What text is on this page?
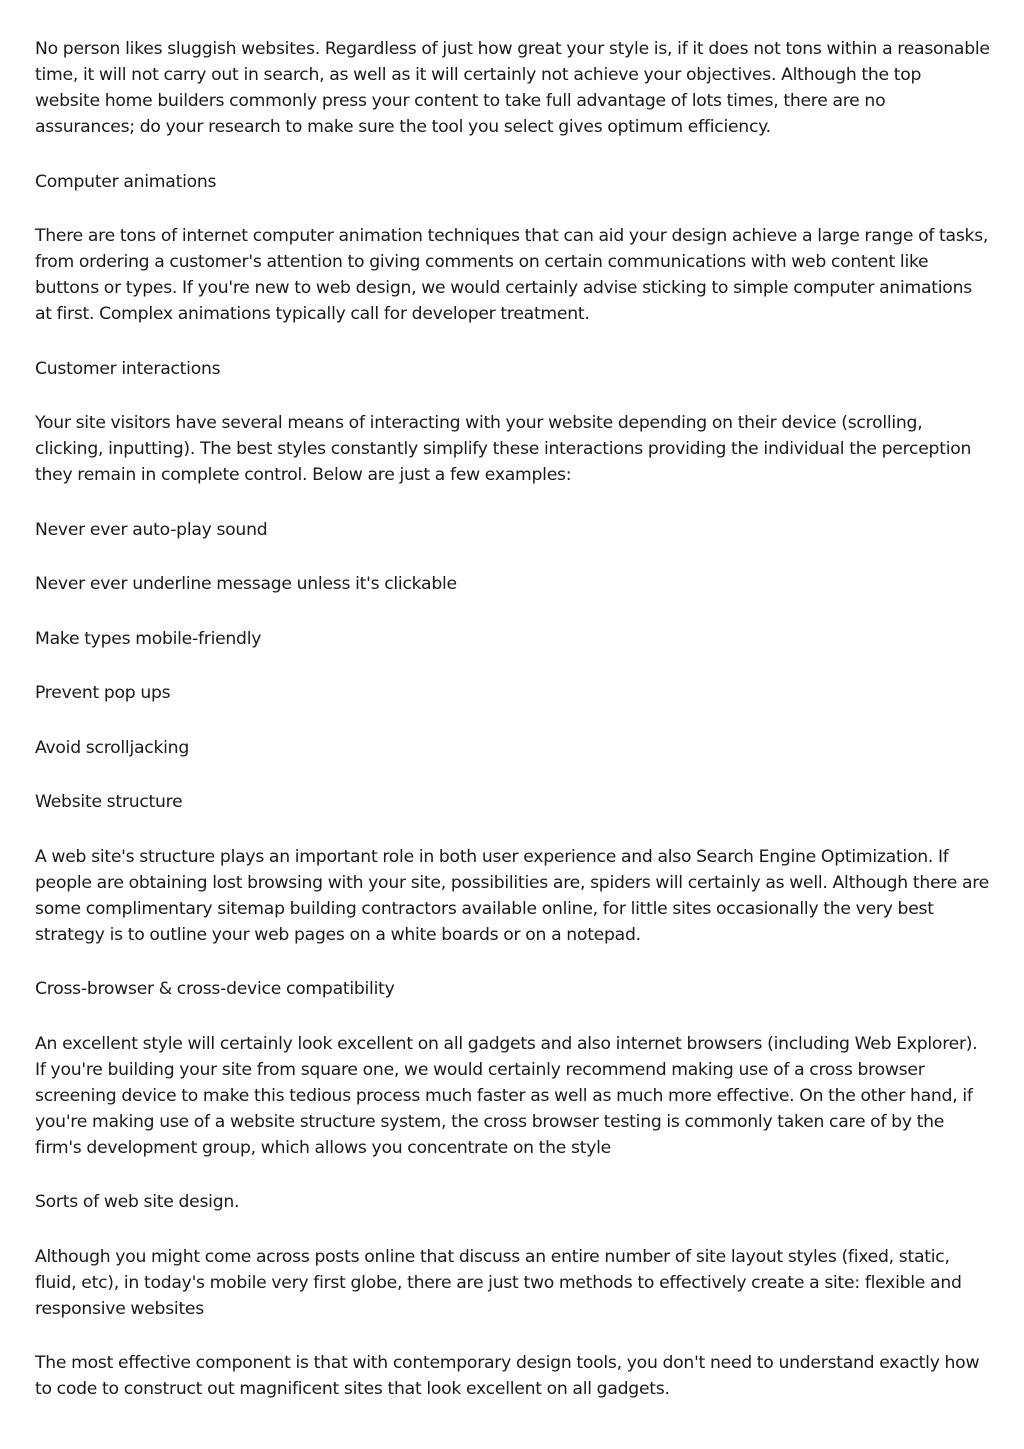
No person likes sluggish websites. Regardless of just how great your style is, if it does not tons within a reasonable time, it will not carry out in search, as well as it will certainly not achieve your objectives. Although the top website home builders commonly press your content to take full advantage of lots times, there are no assurances; do your research to make sure the tool you select gives optimum efficiency.

Computer animations

There are tons of internet computer animation techniques that can aid your design achieve a large range of tasks, from ordering a customer's attention to giving comments on certain communications with web content like buttons or types. If you're new to web design, we would certainly advise sticking to simple computer animations at first. Complex animations typically call for developer treatment.

Customer interactions

Your site visitors have several means of interacting with your website depending on their device (scrolling, clicking, inputting). The best styles constantly simplify these interactions providing the individual the perception they remain in complete control. Below are just a few examples:

Never ever auto-play sound

Never ever underline message unless it's clickable

Make types mobile-friendly

Prevent pop ups

Avoid scrolljacking

Website structure

A web site's structure plays an important role in both user experience and also Search Engine Optimization. If people are obtaining lost browsing with your site, possibilities are, spiders will certainly as well. Although there are some complimentary sitemap building contractors available online, for little sites occasionally the very best strategy is to outline your web pages on a white boards or on a notepad.

Cross-browser & cross-device compatibility

An excellent style will certainly look excellent on all gadgets and also internet browsers (including Web Explorer). If you're building your site from square one, we would certainly recommend making use of a cross browser screening device to make this tedious process much faster as well as much more effective. On the other hand, if you're making use of a website structure system, the cross browser testing is commonly taken care of by the firm's development group, which allows you concentrate on the style

Sorts of web site design.

Although you might come across posts online that discuss an entire number of site layout styles (fixed, static, fluid, etc), in today's mobile very first globe, there are just two methods to effectively create a site: flexible and responsive websites

The most effective component is that with contemporary design tools, you don't need to understand exactly how to code to construct out magnificent sites that look excellent on all gadgets.
